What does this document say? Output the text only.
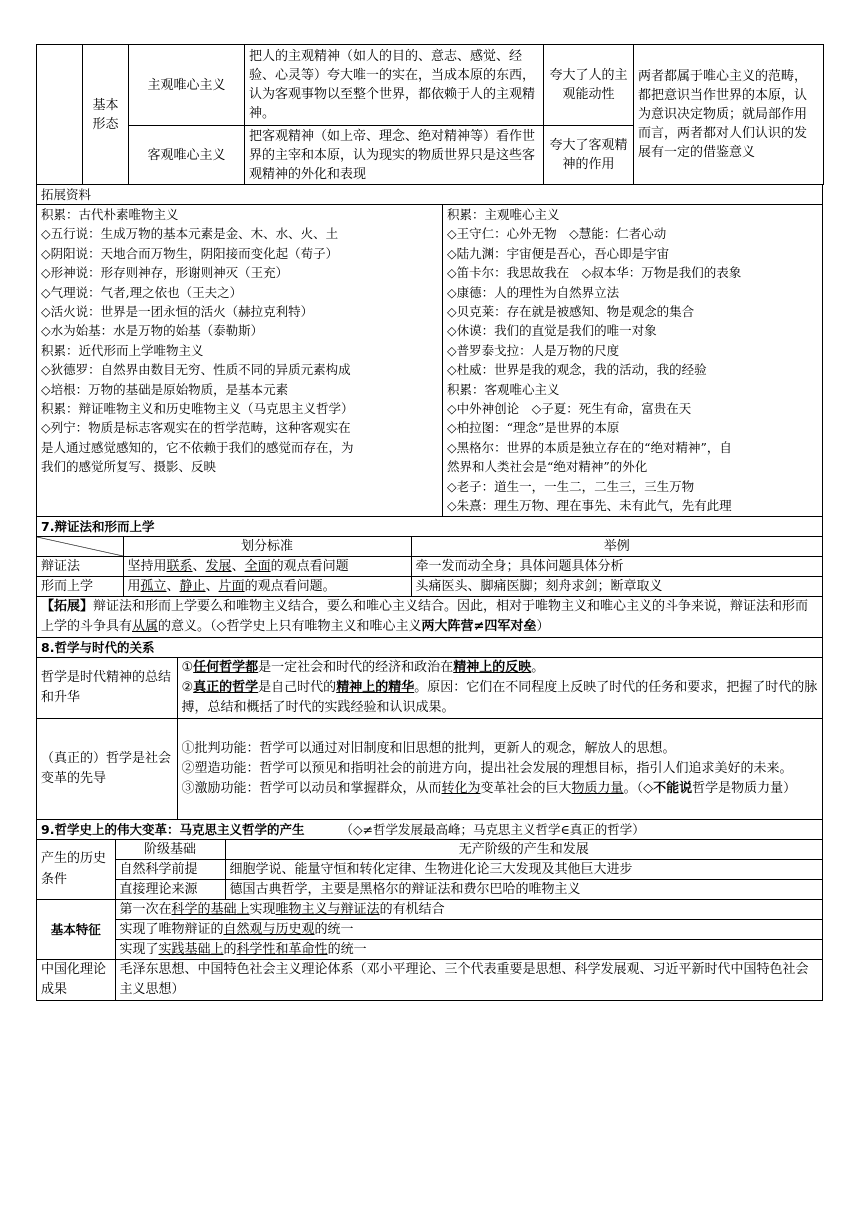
	基本形态	主观唯心主义	把人的主观精神（如人的目的、意志、感觉、经验、心灵等）夸大唯一的实在，当成本原的东西，认为客观事物以至整个世界，都依赖于人的主观精神。	夸大了人的主观能动性	两者都属于唯心主义的范畴，都把意识当作世界的本原，认为意识决定物质；就局部作用而言，两者都对人们认识的发展有一定的借鉴意义
		客观唯心主义	把客观精神（如上帝、理念、绝对精神等）看作世界的主宰和本原，认为现实的物质世界只是这些客观精神的外化和表现	夸大了客观精神的作用	
拓展资料
积累：古代朴素唯物主义
◇五行说：生成万物的基本元素是金、木、水、火、土
◇阴阳说：天地合而万物生，阴阳接而变化起（荀子）
◇形神说：形存则神存，形谢则神灭（王充）
◇气理说：气者,理之依也（王夫之）
◇活火说：世界是一团永恒的活火（赫拉克利特）
◇水为始基：水是万物的始基（泰勒斯）
积累：近代形而上学唯物主义
◇狄德罗：自然界由数目无穷、性质不同的异质元素构成
◇培根：万物的基础是原始物质，是基本元素
积累：辩证唯物主义和历史唯物主义（马克思主义哲学）
◇列宁：物质是标志客观实在的哲学范畴，这种客观实在
是人通过感觉感知的，它不依赖于我们的感觉而存在，为
我们的感觉所复写、摄影、反映
积累：主观唯心主义
◇王守仁：心外无物　◇慧能：仁者心动
◇陆九渊：宇宙便是吾心，吾心即是宇宙
◇笛卡尔：我思故我在　◇叔本华：万物是我们的表象
◇康德：人的理性为自然界立法
◇贝克莱：存在就是被感知、物是观念的集合
◇休谟：我们的直觉是我们的唯一对象
◇普罗泰戈拉：人是万物的尺度
◇杜威：世界是我的观念，我的活动，我的经验
积累：客观唯心主义
◇中外神创论　◇子夏：死生有命，富贵在天
◇柏拉图：“理念”是世界的本原
◇黑格尔：世界的本质是独立存在的“绝对精神”，自
然界和人类社会是“绝对精神”的外化
◇老子：道生一，一生二，二生三，三生万物
◇朱熹：理生万物、理在事先、未有此气，先有此理
7.辩证法和形而上学
	划分标准	举例
辩证法	坚持用联系、发展、全面的观点看问题	牵一发而动全身；具体问题具体分析
形而上学	用孤立、静止、片面的观点看问题。	头痛医头、脚痛医脚；刻舟求剑；断章取义
【拓展】辩证法和形而上学要么和唯物主义结合，要么和唯心主义结合。因此，相对于唯物主义和唯心主义的斗争来说，辩证法和形而上学的斗争具有从属的意义。（◇哲学史上只有唯物主义和唯心主义两大阵营≠四军对垒）
8.哲学与时代的关系
哲学是时代精神的总结和升华	①任何哲学都是一定社会和时代的经济和政治在精神上的反映。
②真正的哲学是自己时代的精神上的精华。原因：它们在不同程度上反映了时代的任务和要求，把握了时代的脉搏，总结和概括了时代的实践经验和认识成果。

（真正的）哲学是社会变革的先导	①批判功能：哲学可以通过对旧制度和旧思想的批判，更新人的观念，解放人的思想。
②塑造功能：哲学可以预见和指明社会的前进方向，提出社会发展的理想目标，指引人们追求美好的未来。
③激励功能：哲学可以动员和掌握群众，从而转化为变革社会的巨大物质力量。（◇不能说哲学是物质力量）
9.哲学史上的伟大变革：马克思主义哲学的产生	（◇≠哲学发展最高峰；马克思主义哲学∈真正的哲学）
产生的历史条件	阶级基础	无产阶级的产生和发展
	自然科学前提	细胞学说、能量守恒和转化定律、生物进化论三大发现及其他巨大进步
	直接理论来源	德国古典哲学，主要是黑格尔的辩证法和费尔巴哈的唯物主义
基本特征	第一次在科学的基础上实现唯物主义与辩证法的有机结合	
	实现了唯物辩证的自然观与历史观的统一	
	实现了实践基础上的科学性和革命性的统一	
中国化理论成果	毛泽东思想、中国特色社会主义理论体系（邓小平理论、三个代表重要是思想、科学发展观、习近平新时代中国特色社会主义思想）	
